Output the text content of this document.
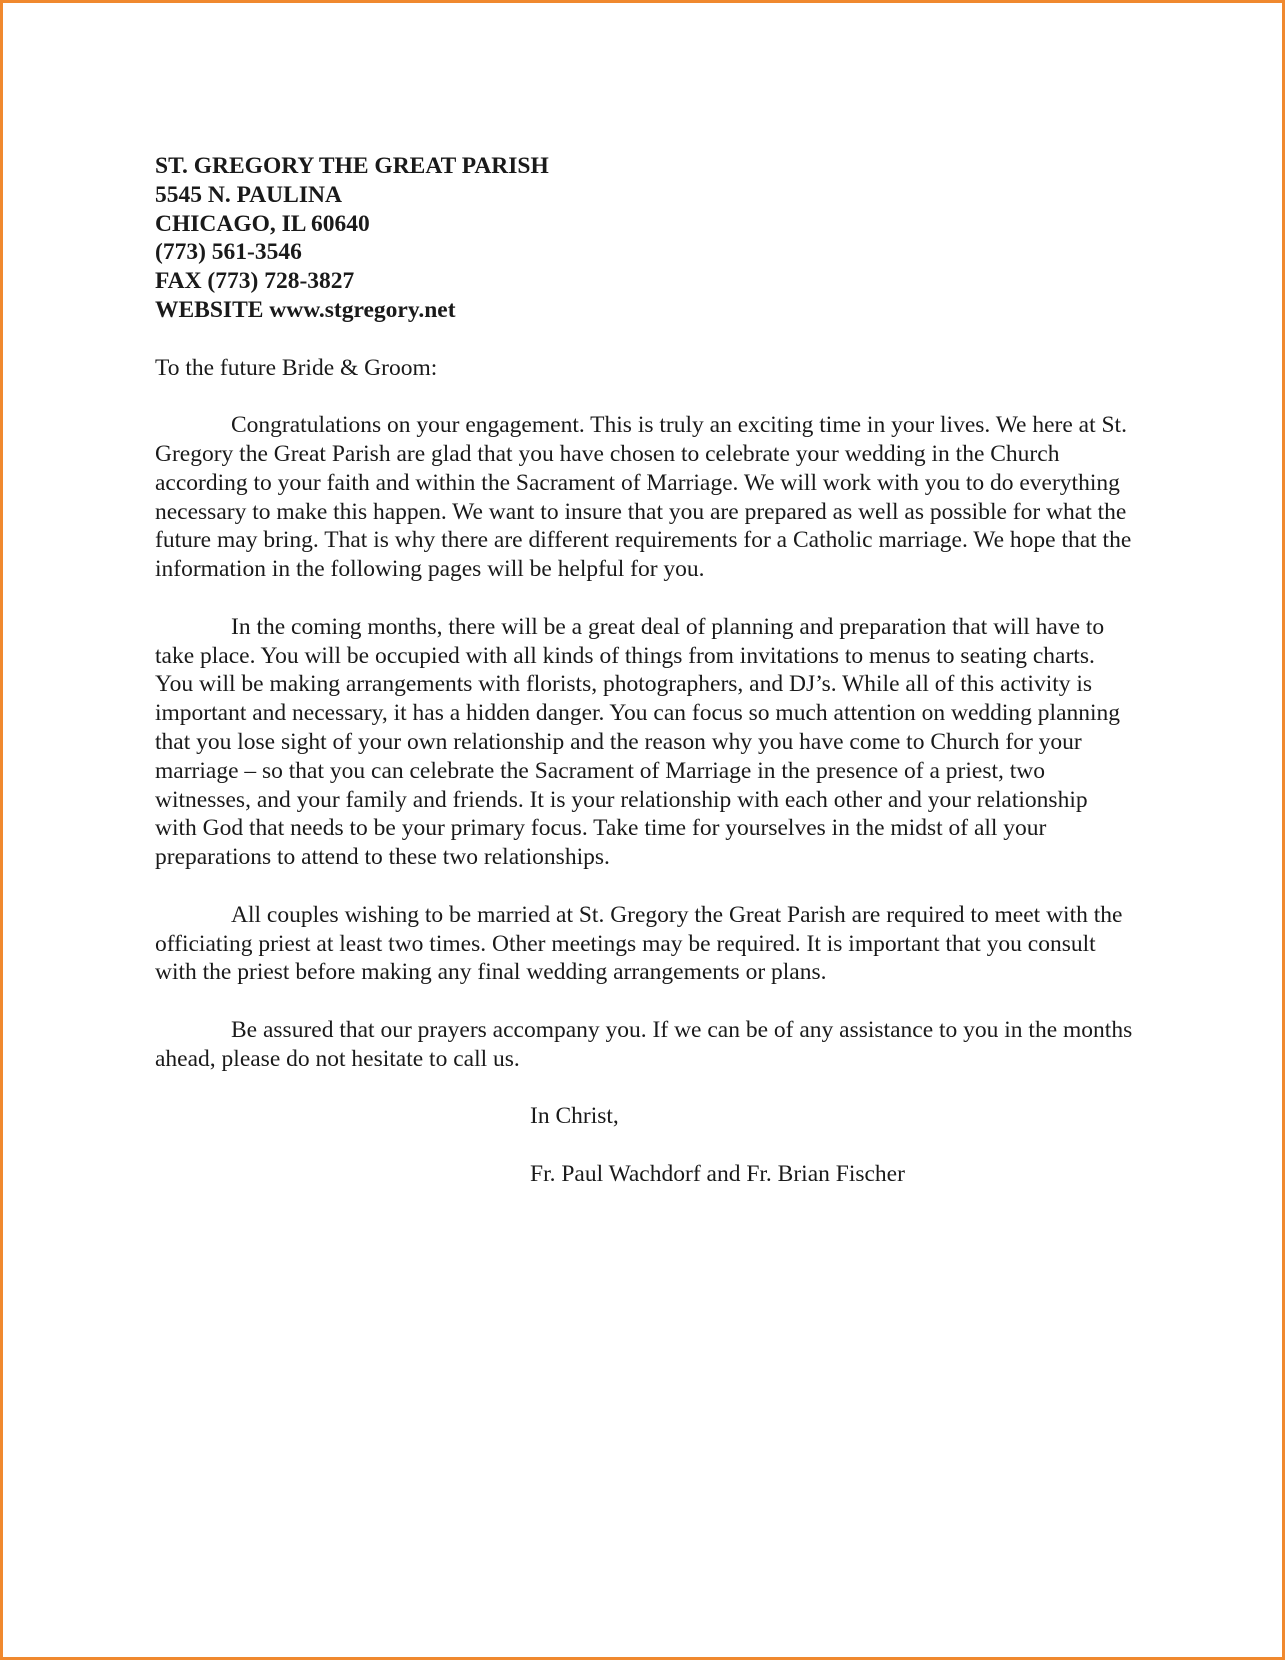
ST. GREGORY THE GREAT PARISH
5545 N. PAULINA
CHICAGO, IL 60640
(773) 561-3546
FAX (773) 728-3827
WEBSITE www.stgregory.net

To the future Bride & Groom:

Congratulations on your engagement. This is truly an exciting time in your lives. We here at St. Gregory the Great Parish are glad that you have chosen to celebrate your wedding in the Church according to your faith and within the Sacrament of Marriage. We will work with you to do everything necessary to make this happen. We want to insure that you are prepared as well as possible for what the future may bring. That is why there are different requirements for a Catholic marriage. We hope that the information in the following pages will be helpful for you.

In the coming months, there will be a great deal of planning and preparation that will have to take place. You will be occupied with all kinds of things from invitations to menus to seating charts. You will be making arrangements with florists, photographers, and DJ’s. While all of this activity is important and necessary, it has a hidden danger. You can focus so much attention on wedding planning that you lose sight of your own relationship and the reason why you have come to Church for your marriage – so that you can celebrate the Sacrament of Marriage in the presence of a priest, two witnesses, and your family and friends. It is your relationship with each other and your relationship with God that needs to be your primary focus. Take time for yourselves in the midst of all your preparations to attend to these two relationships.

All couples wishing to be married at St. Gregory the Great Parish are required to meet with the officiating priest at least two times. Other meetings may be required. It is important that you consult with the priest before making any final wedding arrangements or plans.

Be assured that our prayers accompany you. If we can be of any assistance to you in the months ahead, please do not hesitate to call us.

In Christ,
Fr. Paul Wachdorf and Fr. Brian Fischer
